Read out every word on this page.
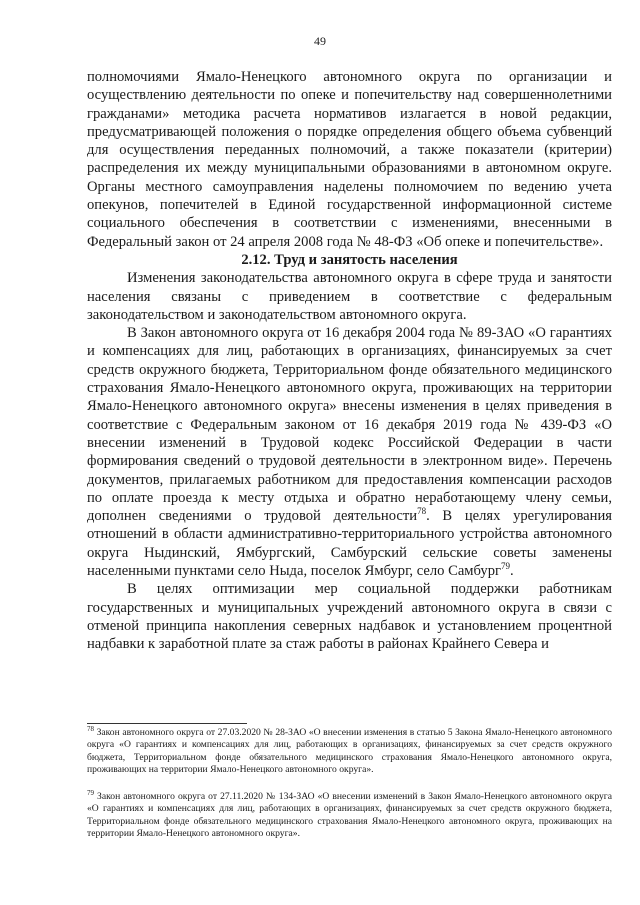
49

полномочиями Ямало-Ненецкого автономного округа по организации и осуществлению деятельности по опеке и попечительству над совершеннолетними гражданами» методика расчета нормативов излагается в новой редакции, предусматривающей положения о порядке определения общего объема субвенций для осуществления переданных полномочий, а также показатели (критерии) распределения их между муниципальными образованиями в автономном округе. Органы местного самоуправления наделены полномочием по ведению учета опекунов, попечителей в Единой государственной информационной системе социального обеспечения в соответствии с изменениями, внесенными в Федеральный закон от 24 апреля 2008 года № 48-ФЗ «Об опеке и попечительстве».

2.12. Труд и занятость населения

Изменения законодательства автономного округа в сфере труда и занятости населения связаны с приведением в соответствие с федеральным законодательством и законодательством автономного округа.

В Закон автономного округа от 16 декабря 2004 года № 89-ЗАО «О гарантиях и компенсациях для лиц, работающих в организациях, финансируемых за счет средств окружного бюджета, Территориальном фонде обязательного медицинского страхования Ямало-Ненецкого автономного округа, проживающих на территории Ямало-Ненецкого автономного округа» внесены изменения в целях приведения в соответствие с Федеральным законом от 16 декабря 2019 года № 439-ФЗ «О внесении изменений в Трудовой кодекс Российской Федерации в части формирования сведений о трудовой деятельности в электронном виде». Перечень документов, прилагаемых работником для предоставления компенсации расходов по оплате проезда к месту отдыха и обратно неработающему члену семьи, дополнен сведениями о трудовой деятельности$^{78}$. В целях урегулирования отношений в области административно-территориального устройства автономного округа Ныдинский, Ямбургский, Самбурский сельские советы заменены населенными пунктами село Ныда, поселок Ямбург, село Самбург$^{79}$.

В целях оптимизации мер социальной поддержки работникам государственных и муниципальных учреждений автономного округа в связи с отменой принципа накопления северных надбавок и установлением процентной надбавки к заработной плате за стаж работы в районах Крайнего Севера и

$^{78}$ Закон автономного округа от 27.03.2020 № 28-ЗАО «О внесении изменения в статью 5 Закона Ямало-Ненецкого автономного округа «О гарантиях и компенсациях для лиц, работающих в организациях, финансируемых за счет средств окружного бюджета, Территориальном фонде обязательного медицинского страхования Ямало-Ненецкого автономного округа, проживающих на территории Ямало-Ненецкого автономного округа».
$^{79}$ Закон автономного округа от 27.11.2020 № 134-ЗАО «О внесении изменений в Закон Ямало-Ненецкого автономного округа «О гарантиях и компенсациях для лиц, работающих в организациях, финансируемых за счет средств окружного бюджета, Территориальном фонде обязательного медицинского страхования Ямало-Ненецкого автономного округа, проживающих на территории Ямало-Ненецкого автономного округа».
